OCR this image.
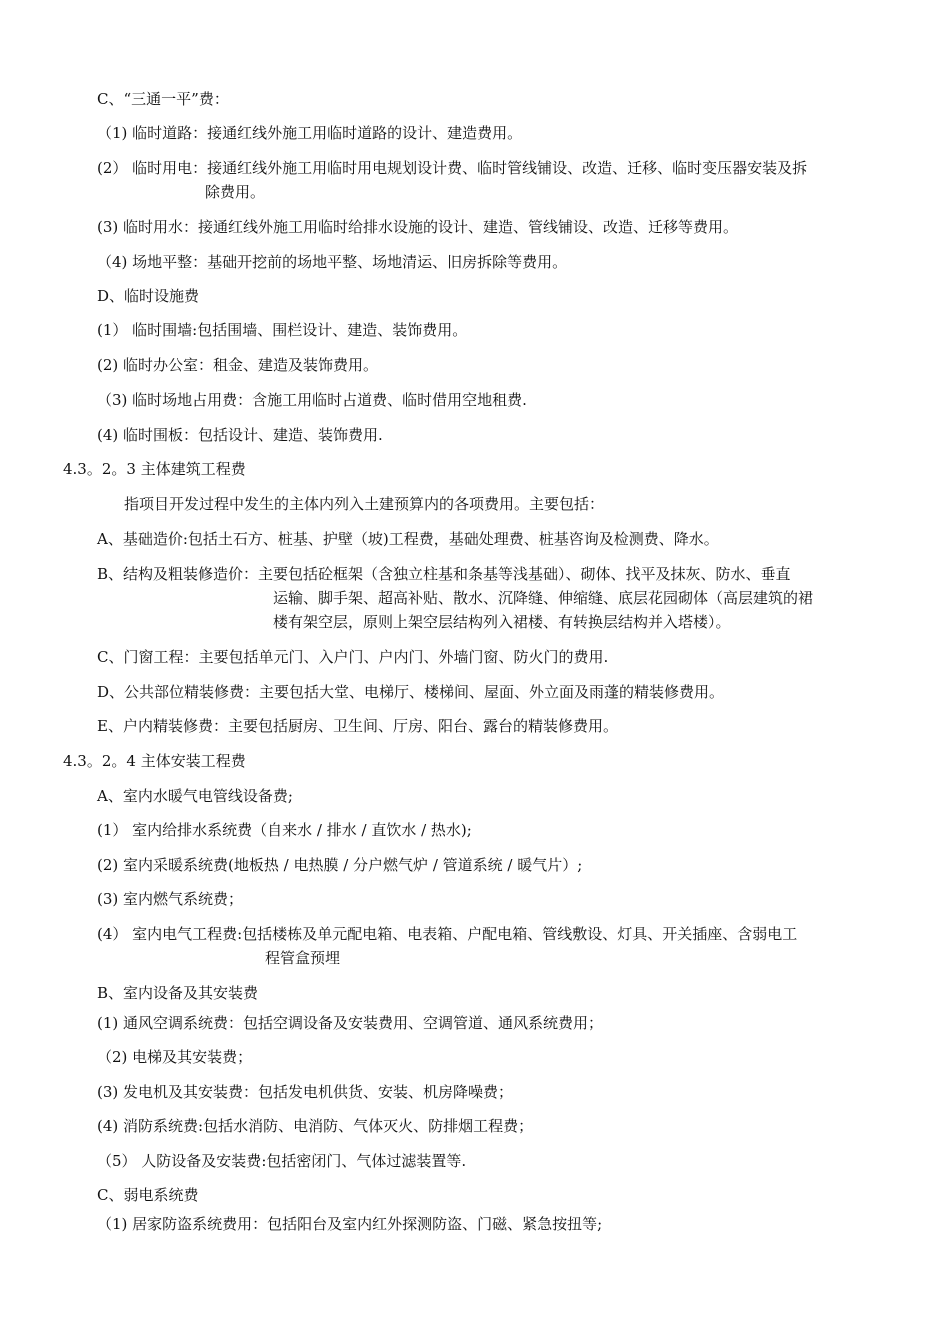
C、“三通一平”费：
（1) 临时道路：接通红线外施工用临时道路的设计、建造费用。
(2） 临时用电：接通红线外施工用临时用电规划设计费、临时管线铺设、改造、迁移、临时变压器安装及拆
除费用。
(3) 临时用水：接通红线外施工用临时给排水设施的设计、建造、管线铺设、改造、迁移等费用。
（4) 场地平整：基础开挖前的场地平整、场地清运、旧房拆除等费用。
D、临时设施费
(1） 临时围墙:包括围墙、围栏设计、建造、装饰费用。
(2) 临时办公室：租金、建造及装饰费用。
（3) 临时场地占用费：含施工用临时占道费、临时借用空地租费.
(4) 临时围板：包括设计、建造、装饰费用.
4.3。2。3 主体建筑工程费
指项目开发过程中发生的主体内列入土建预算内的各项费用。主要包括：
A、基础造价:包括土石方、桩基、护壁（坡)工程费，基础处理费、桩基咨询及检测费、降水。
B、结构及粗装修造价：主要包括砼框架（含独立柱基和条基等浅基础）、砌体、找平及抹灰、防水、垂直
运输、脚手架、超高补贴、散水、沉降缝、伸缩缝、底层花园砌体（高层建筑的裙
楼有架空层，原则上架空层结构列入裙楼、有转换层结构并入塔楼）。
C、门窗工程：主要包括单元门、入户门、户内门、外墙门窗、防火门的费用.
D、公共部位精装修费：主要包括大堂、电梯厅、楼梯间、屋面、外立面及雨蓬的精装修费用。
E、户内精装修费：主要包括厨房、卫生间、厅房、阳台、露台的精装修费用。
4.3。2。4 主体安装工程费
A、室内水暖气电管线设备费;
(1） 室内给排水系统费（自来水 / 排水 / 直饮水 / 热水);
(2) 室内采暖系统费(地板热 / 电热膜 / 分户燃气炉 / 管道系统 / 暖气片）;
(3) 室内燃气系统费；
(4） 室内电气工程费:包括楼栋及单元配电箱、电表箱、户配电箱、管线敷设、灯具、开关插座、含弱电工
程管盒预埋
B、室内设备及其安装费
(1) 通风空调系统费：包括空调设备及安装费用、空调管道、通风系统费用；
（2) 电梯及其安装费；
(3) 发电机及其安装费：包括发电机供货、安装、机房降噪费；
(4) 消防系统费:包括水消防、电消防、气体灭火、防排烟工程费；
（5） 人防设备及安装费:包括密闭门、气体过滤装置等.
C、弱电系统费
（1) 居家防盗系统费用：包括阳台及室内红外探测防盗、门磁、紧急按扭等;
